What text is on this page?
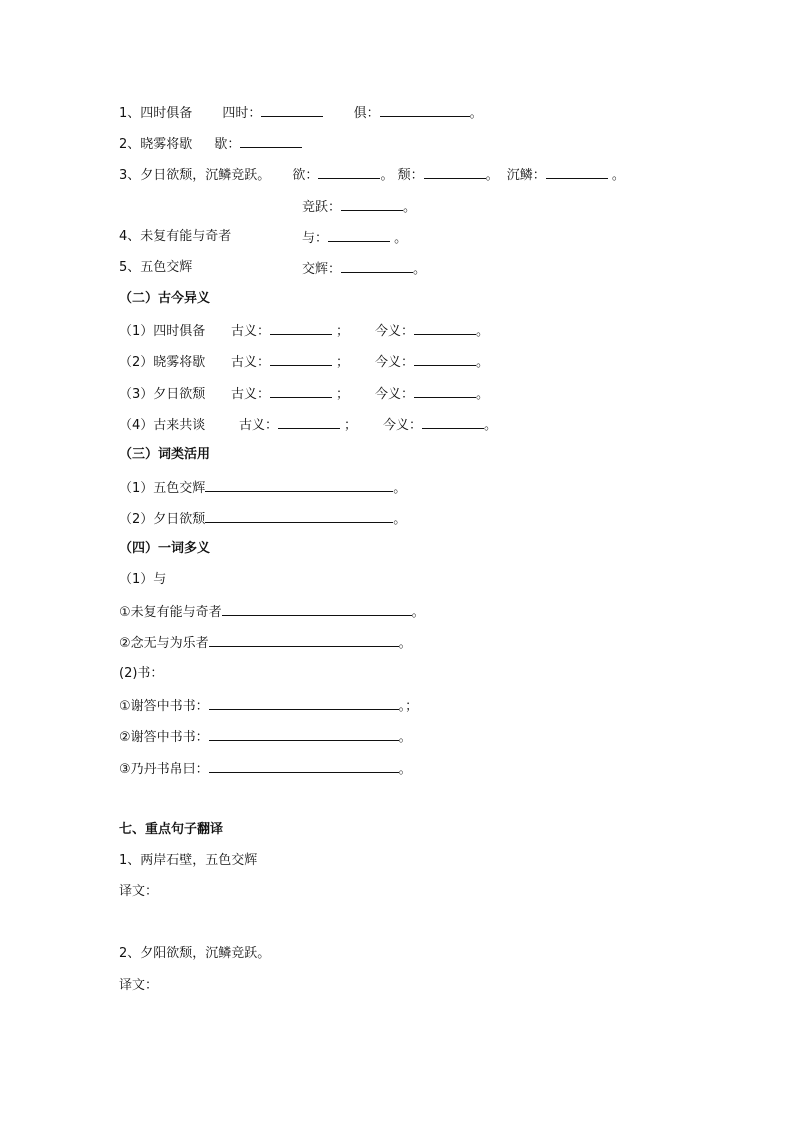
1、四时俱备 四时：	俱：	。
2、晓雾将歇 歇：
3、夕日欲颓，沉鳞竞跃。 欲：	。 颓：	。 沉鳞：	。
竞跃：	。
4、未复有能与奇者	与：	。
5、五色交辉	交辉：	。
（二）古今异义
（1）四时俱备 古义：	； 今义：	。
（2）晓雾将歇 古义：	； 今义：	。
（3）夕日欲颓 古义：	； 今义：	。
（4）古来共谈	古义：	； 今义：	。
（三）词类活用
（1）五色交辉	。
（2）夕日欲颓	。
（四）一词多义
（1）与
①未复有能与奇者	。
②念无与为乐者	。
(2)书：
①谢答中书书：	。；
②谢答中书书：	。
③乃丹书帛曰：	。
七、重点句子翻译
1、两岸石壁，五色交辉
译文：
2、夕阳欲颓，沉鳞竞跃。
译文：
